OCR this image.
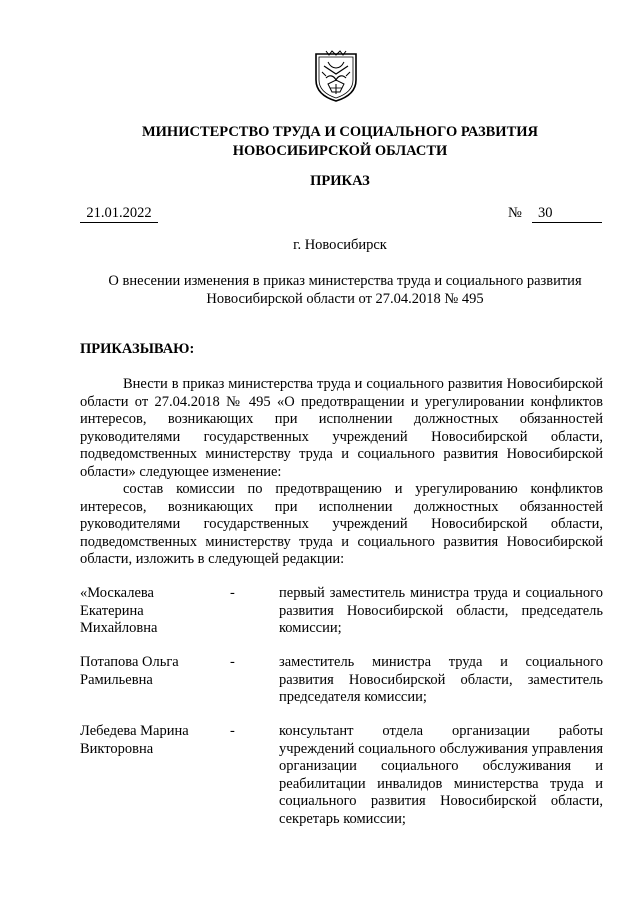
МИНИСТЕРСТВО ТРУДА И СОЦИАЛЬНОГО РАЗВИТИЯ
НОВОСИБИРСКОЙ ОБЛАСТИ
ПРИКАЗ
21.01.2022	№	30
г. Новосибирск
О внесении изменения в приказ министерства труда и социального развития
Новосибирской области от 27.04.2018 № 495
ПРИКАЗЫВАЮ:
Внести в приказ министерства труда и социального развития Новосибирской области от 27.04.2018 № 495 «О предотвращении и урегулировании конфликтов интересов, возникающих при исполнении должностных обязанностей руководителями государственных учреждений Новосибирской области, подведомственных министерству труда и социального развития Новосибирской области» следующее изменение:
состав комиссии по предотвращению и урегулированию конфликтов интересов, возникающих при исполнении должностных обязанностей руководителями государственных учреждений Новосибирской области, подведомственных министерству труда и социального развития Новосибирской области, изложить в следующей редакции:
«Москалева
Екатерина
Михайловна
-	первый заместитель министра труда и социального развития Новосибирской области, председатель комиссии;
Потапова Ольга
Рамильевна
-	заместитель министра труда и социального развития Новосибирской области, заместитель председателя комиссии;
Лебедева Марина
Викторовна
-	консультант отдела организации работы учреждений социального обслуживания управления организации социального обслуживания и реабилитации инвалидов министерства труда и социального развития Новосибирской области, секретарь комиссии;
